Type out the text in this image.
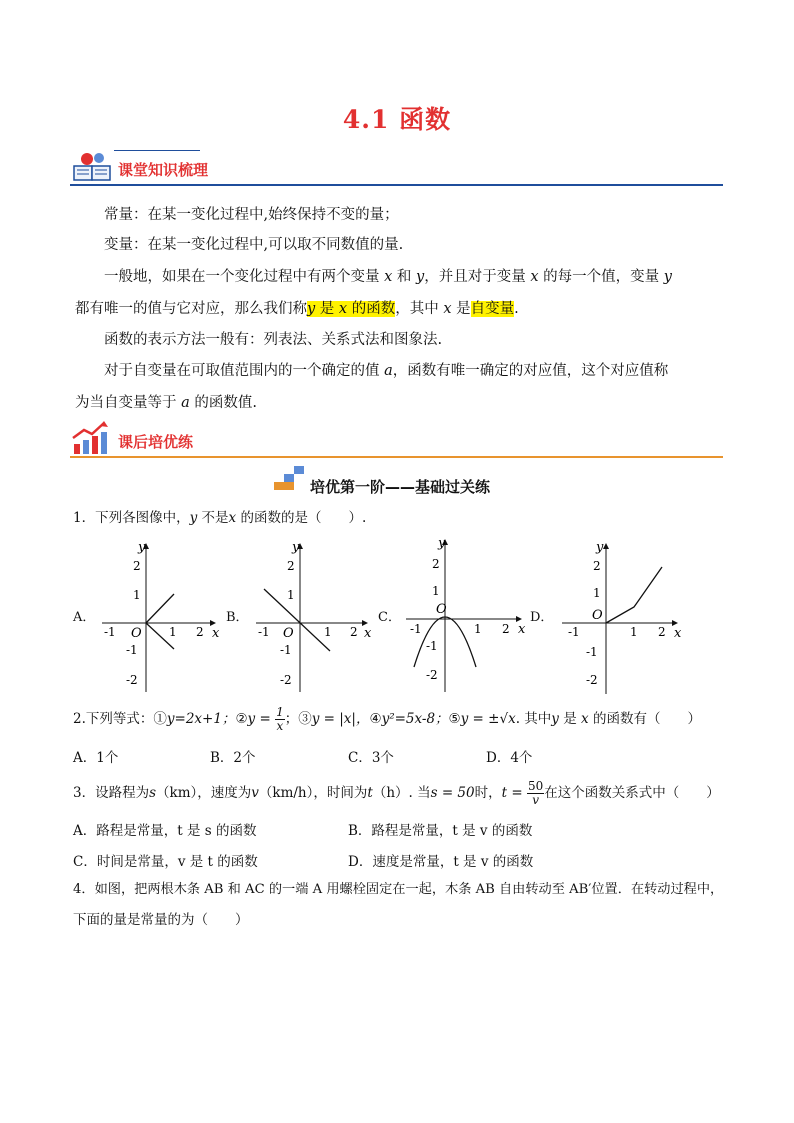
4.1 函数
课堂知识梳理
常量：在某一变化过程中,始终保持不变的量；
变量：在某一变化过程中,可以取不同数值的量.
一般地，如果在一个变化过程中有两个变量 x 和 y，并且对于变量 x 的每一个值，变量 y
都有唯一的值与它对应，那么我们称y 是 x 的函数，其中 x 是自变量.
函数的表示方法一般有：列表法、关系式法和图象法.
对于自变量在可取值范围内的一个确定的值 a，函数有唯一确定的对应值，这个对应值称
为当自变量等于 a 的函数值.
课后培优练
培优第一阶——基础过关练
1．下列各图像中，y 不是x 的函数的是（　　）.
A．	B．	C．	D．
y
x
O
2
1
-1
-2
-1	1 2
y
x
O
2
1
-1
-2
-1	1 2
y
x
O
2
1
-1
-2
-1	1 2
y
x
O
2
1
-1
-2
-1	1 2
2.下列等式：①y=2x+1；②y = $\frac{1}{x}$ ；③y = |x|，④y²=5x-8；⑤y = ±√x. 其中y 是 x 的函数有（　　）
A．1个	B．2个	C．3个	D．4个
3．设路程为s（km），速度为v（km/h），时间为t（h）. 当s = 50时，$t = \frac{50}{v}$ 在这个函数关系式中（　　）
A．路程是常量，t 是 s 的函数	B．路程是常量，t 是 v 的函数
C．时间是常量，v 是 t 的函数	D．速度是常量，t 是 v 的函数
4．如图，把两根木条 AB 和 AC 的一端 A 用螺栓固定在一起，木条 AB 自由转动至 AB′位置．在转动过程中，
下面的量是常量的为（　　）
